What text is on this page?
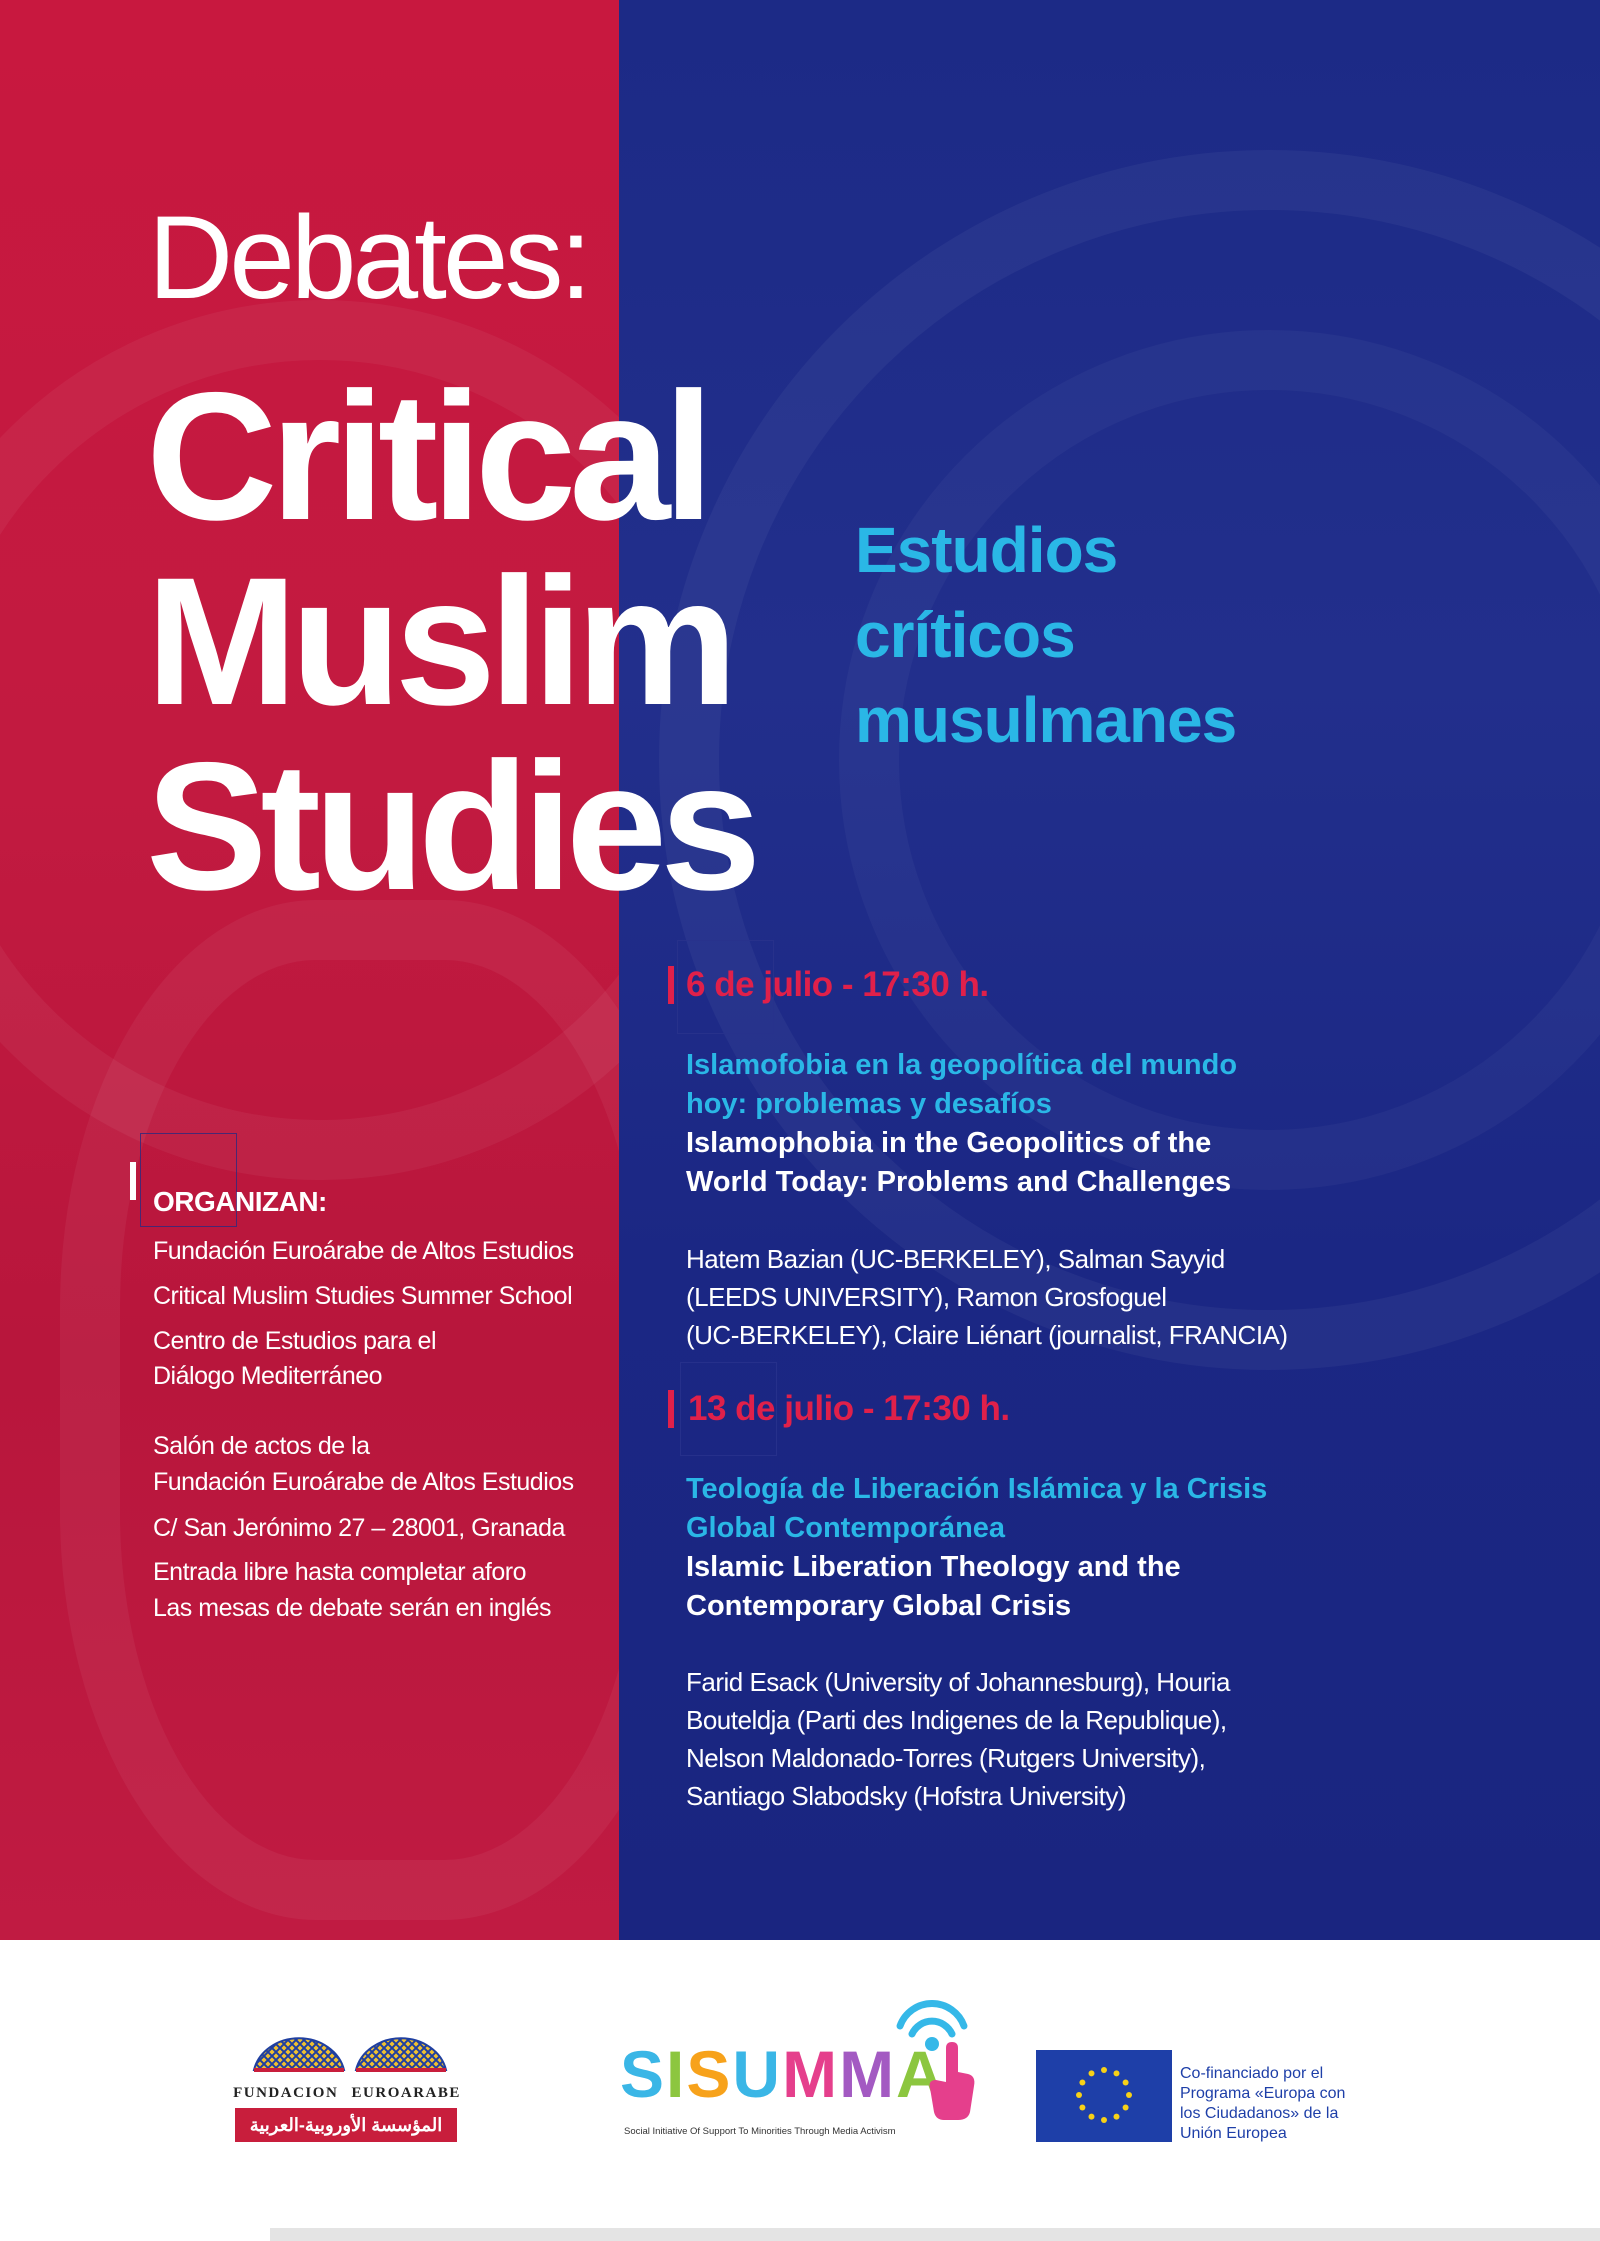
Debates:
Critical
Muslim
Studies
Estudios
críticos
musulmanes
6 de julio - 17:30 h.
Islamofobia en la geopolítica del mundo
hoy: problemas y desafíos
Islamophobia in the Geopolitics of the
World Today: Problems and Challenges
Hatem Bazian (UC-BERKELEY), Salman Sayyid
(LEEDS UNIVERSITY), Ramon Grosfoguel
(UC-BERKELEY), Claire Liénart (journalist, FRANCIA)
13 de julio - 17:30 h.
Teología de Liberación Islámica y la Crisis
Global Contemporánea
Islamic Liberation Theology and the
Contemporary Global Crisis
Farid Esack (University of Johannesburg), Houria
Bouteldja (Parti des Indigenes de la Republique),
Nelson Maldonado-Torres (Rutgers University),
Santiago Slabodsky (Hofstra University)
ORGANIZAN:
Fundación Euroárabe de Altos Estudios
Critical Muslim Studies Summer School
Centro de Estudios para el
Diálogo Mediterráneo
Salón de actos de la
Fundación Euroárabe de Altos Estudios
C/ San Jerónimo 27 – 28001, Granada
Entrada libre hasta completar aforo
Las mesas de debate serán en inglés
FUNDACION EUROARABE
المؤسسة الأوروبية-العربية
SISUMMA
Social Initiative Of Support To Minorities Through Media Activism
Co-financiado por el
Programa «Europa con
los Ciudadanos» de la
Unión Europea
